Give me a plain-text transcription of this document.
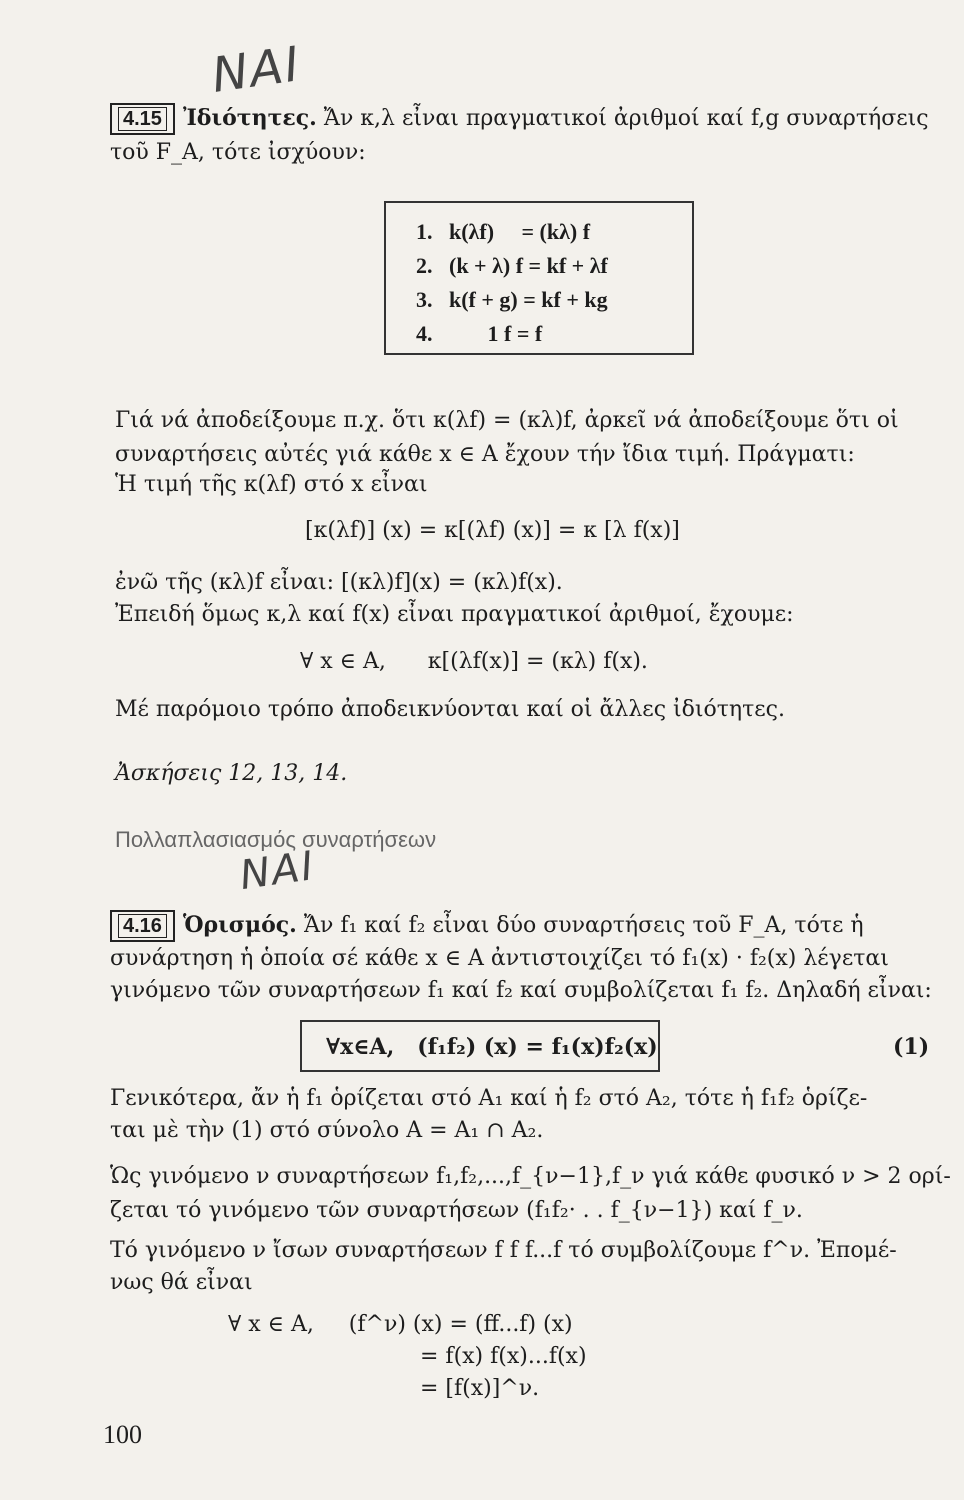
ΝΑΙ
4.15 Ἰδιότητες. Ἄν κ,λ εἶναι πραγματικοί ἀριθμοί καί f,g συναρτήσεις
τοῦ F_A, τότε ἰσχύουν:
1.   k(λf)     = (kλ) f
2.   (k + λ) f = kf + λf
3.   k(f + g) = kf + kg
4.          1 f = f
Γιά νά ἀποδείξουμε π.χ. ὅτι κ(λf) = (κλ)f, ἀρκεῖ νά ἀποδείξουμε ὅτι οἱ
συναρτήσεις αὐτές γιά κάθε x ∈ A ἔχουν τήν ἴδια τιμή. Πράγματι:
Ἡ τιμή τῆς κ(λf) στό x εἶναι
[κ(λf)] (x) = κ[(λf) (x)] = κ [λ f(x)]
ἐνῶ τῆς (κλ)f εἶναι: [(κλ)f](x) = (κλ)f(x).
Ἐπειδή ὅμως κ,λ καί f(x) εἶναι πραγματικοί ἀριθμοί, ἔχουμε:
∀ x ∈ A,      κ[(λf(x)] = (κλ) f(x).
Μέ παρόμοιο τρόπο ἀποδεικνύονται καί οἱ ἄλλες ἰδιότητες.
Ἀσκήσεις 12, 13, 14.
Πολλαπλασιασμός συναρτήσεων
ΝΑΙ
4.16 Ὁρισμός. Ἄν f₁ καί f₂ εἶναι δύο συναρτήσεις τοῦ F_A, τότε ἡ
συνάρτηση ἡ ὁποία σέ κάθε x ∈ A ἀντιστοιχίζει τό f₁(x) · f₂(x) λέγεται
γινόμενο τῶν συναρτήσεων f₁ καί f₂ καί συμβολίζεται f₁ f₂. Δηλαδή εἶναι:
∀x∈A,   (f₁f₂) (x) = f₁(x)f₂(x)	(1)
Γενικότερα, ἄν ἡ f₁ ὁρίζεται στό A₁ καί ἡ f₂ στό A₂, τότε ἡ f₁f₂ ὁρίζε-
ται μὲ τὴν (1) στό σύνολο A = A₁ ∩ A₂.
Ὡς γινόμενο ν συναρτήσεων f₁,f₂,...,f_{ν−1},f_ν γιά κάθε φυσικό ν > 2 ορί-
ζεται τό γινόμενο τῶν συναρτήσεων (f₁f₂· . . f_{ν−1}) καί f_ν.
Τό γινόμενο ν ἴσων συναρτήσεων f f f...f τό συμβολίζουμε f^ν. Ἐπομέ-
νως θά εἶναι
∀ x ∈ A,     (f^ν) (x) = (ff...f) (x)
= f(x) f(x)...f(x)
= [f(x)]^ν.
100
